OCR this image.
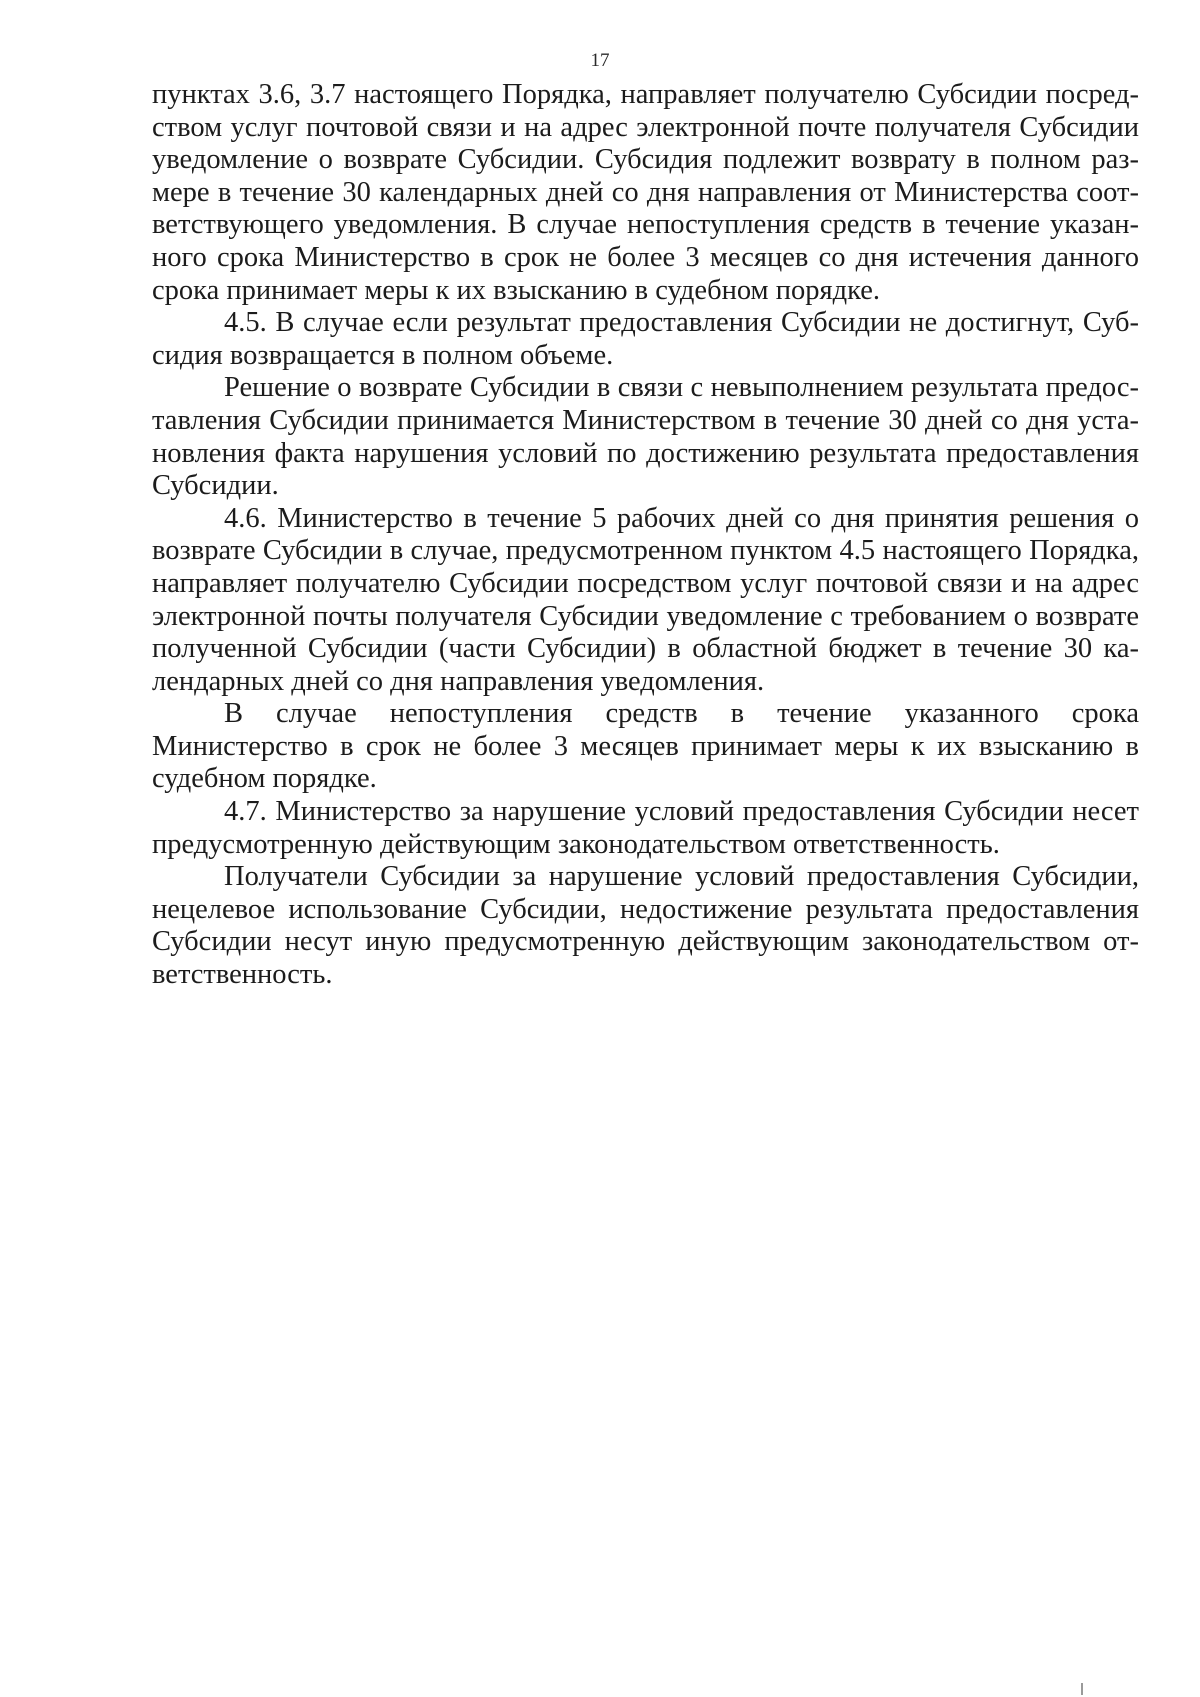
17

пунктах 3.6, 3.7 настоящего Порядка, направляет получателю Субсидии посредством услуг почтовой связи и на адрес электронной почте получателя Субсидии уведомление о возврате Субсидии. Субсидия подлежит возврату в полном размере в течение 30 календарных дней со дня направления от Министерства соответствующего уведомления. В случае непоступления средств в течение указанного срока Министерство в срок не более 3 месяцев со дня истечения данного срока принимает меры к их взысканию в судебном порядке.

4.5. В случае если результат предоставления Субсидии не достигнут, Субсидия возвращается в полном объеме.

Решение о возврате Субсидии в связи с невыполнением результата предоставления Субсидии принимается Министерством в течение 30 дней со дня установления факта нарушения условий по достижению результата предоставления Субсидии.

4.6. Министерство в течение 5 рабочих дней со дня принятия решения о возврате Субсидии в случае, предусмотренном пунктом 4.5 настоящего Порядка, направляет получателю Субсидии посредством услуг почтовой связи и на адрес электронной почты получателя Субсидии уведомление с требованием о возврате полученной Субсидии (части Субсидии) в областной бюджет в течение 30 календарных дней со дня направления уведомления.

В случае непоступления средств в течение указанного срока Министерство в срок не более 3 месяцев принимает меры к их взысканию в судебном порядке.

4.7. Министерство за нарушение условий предоставления Субсидии несет предусмотренную действующим законодательством ответственность.

Получатели Субсидии за нарушение условий предоставления Субсидии, нецелевое использование Субсидии, недостижение результата предоставления Субсидии несут иную предусмотренную действующим законодательством ответственность.
